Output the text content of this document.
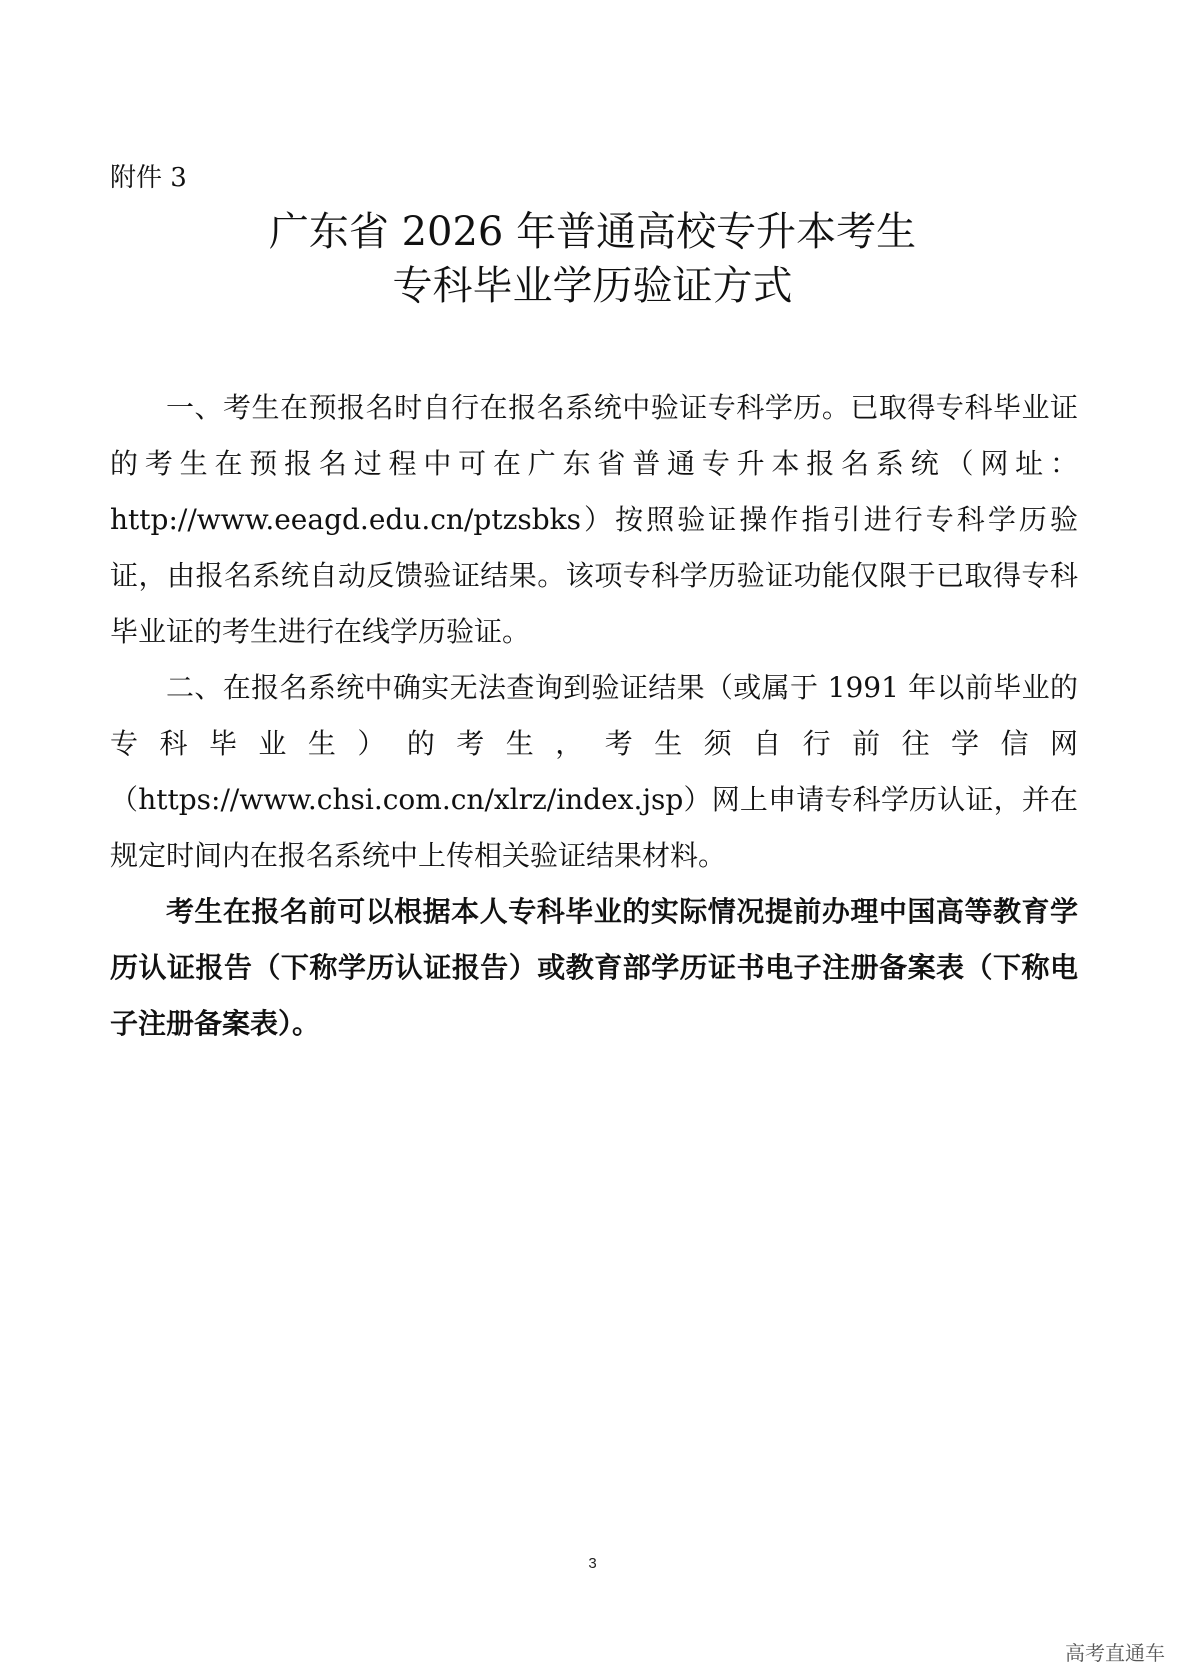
附件 3
广东省 2026 年普通高校专升本考生
专科毕业学历验证方式

一、考生在预报名时自行在报名系统中验证专科学历。已取得专科毕业证的考生在预报名过程中可在广东省普通专升本报名系统（网址：http://www.eeagd.edu.cn/ptzsbks）按照验证操作指引进行专科学历验证，由报名系统自动反馈验证结果。该项专科学历验证功能仅限于已取得专科毕业证的考生进行在线学历验证。

二、在报名系统中确实无法查询到验证结果（或属于 1991 年以前毕业的专科毕业生）的考生，考生须自行前往学信网（https://www.chsi.com.cn/xlrz/index.jsp）网上申请专科学历认证，并在规定时间内在报名系统中上传相关验证结果材料。

考生在报名前可以根据本人专科毕业的实际情况提前办理中国高等教育学历认证报告（下称学历认证报告）或教育部学历证书电子注册备案表（下称电子注册备案表）。

3
高考直通车
